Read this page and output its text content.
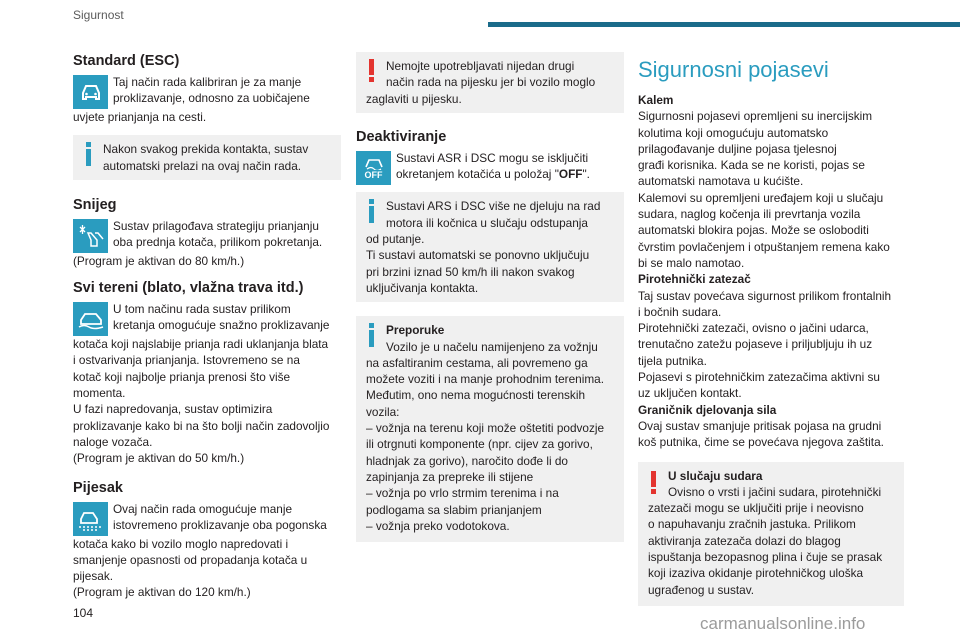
Sigurnost
Standard (ESC)
Taj način rada kalibriran je za manje
proklizavanje, odnosno za uobičajene
uvjete prianjanja na cesti.
Nakon svakog prekida kontakta, sustav
automatski prelazi na ovaj način rada.
Snijeg
Sustav prilagođava strategiju prianjanju
oba prednja kotača, prilikom pokretanja.
(Program je aktivan do 80 km/h.)
Svi tereni (blato, vlažna trava itd.)
U tom načinu rada sustav prilikom
kretanja omogućuje snažno proklizavanje
kotača koji najslabije prianja radi uklanjanja blata
i ostvarivanja prianjanja. Istovremeno se na
kotač koji najbolje prianja prenosi što više
momenta.
U fazi napredovanja, sustav optimizira
proklizavanje kako bi na što bolji način zadovoljio
naloge vozača.
(Program je aktivan do 50 km/h.)
Pijesak
Ovaj način rada omogućuje manje
istovremeno proklizavanje oba pogonska
kotača kako bi vozilo moglo napredovati i
smanjenje opasnosti od propadanja kotača u
pijesak.
(Program je aktivan do 120 km/h.)
Nemojte upotrebljavati nijedan drugi
način rada na pijesku jer bi vozilo moglo
zaglaviti u pijesku.
Deaktiviranje
OFF
Sustavi ASR i DSC mogu se isključiti
okretanjem kotačića u položaj "OFF".
Sustavi ARS i DSC više ne djeluju na rad
motora ili kočnica u slučaju odstupanja
od putanje.
Ti sustavi automatski se ponovno uključuju
pri brzini iznad 50 km/h ili nakon svakog
uključivanja kontakta.
Preporuke
Vozilo je u načelu namijenjeno za vožnju
na asfaltiranim cestama, ali povremeno ga
možete voziti i na manje prohodnim terenima.
Međutim, ono nema mogućnosti terenskih
vozila:
– vožnja na terenu koji može oštetiti podvozje
ili otrgnuti komponente (npr. cijev za gorivo,
hladnjak za gorivo), naročito dođe li do
zapinjanja za prepreke ili stijene
– vožnja po vrlo strmim terenima i na
podlogama sa slabim prianjanjem
– vožnja preko vodotokova.
Sigurnosni pojasevi
Kalem
Sigurnosni pojasevi opremljeni su inercijskim
kolutima koji omogućuju automatsko
prilagođavanje duljine pojasa tjelesnoj
građi korisnika. Kada se ne koristi, pojas se
automatski namotava u kućište.
Kalemovi su opremljeni uređajem koji u slučaju
sudara, naglog kočenja ili prevrtanja vozila
automatski blokira pojas. Može se osloboditi
čvrstim povlačenjem i otpuštanjem remena kako
bi se malo namotao.
Pirotehnički zatezač
Taj sustav povećava sigurnost prilikom frontalnih
i bočnih sudara.
Pirotehnički zatezači, ovisno o jačini udarca,
trenutačno zatežu pojaseve i priljubljuju ih uz
tijela putnika.
Pojasevi s pirotehničkim zatezačima aktivni su
uz uključen kontakt.
Graničnik djelovanja sila
Ovaj sustav smanjuje pritisak pojasa na grudni
koš putnika, čime se povećava njegova zaštita.
U slučaju sudara
Ovisno o vrsti i jačini sudara, pirotehnički
zatezači mogu se uključiti prije i neovisno
o napuhavanju zračnih jastuka. Prilikom
aktiviranja zatezača dolazi do blagog
ispuštanja bezopasnog plina i čuje se prasak
koji izaziva okidanje pirotehničkog uloška
ugrađenog u sustav.
104
carmanualsonline.info
